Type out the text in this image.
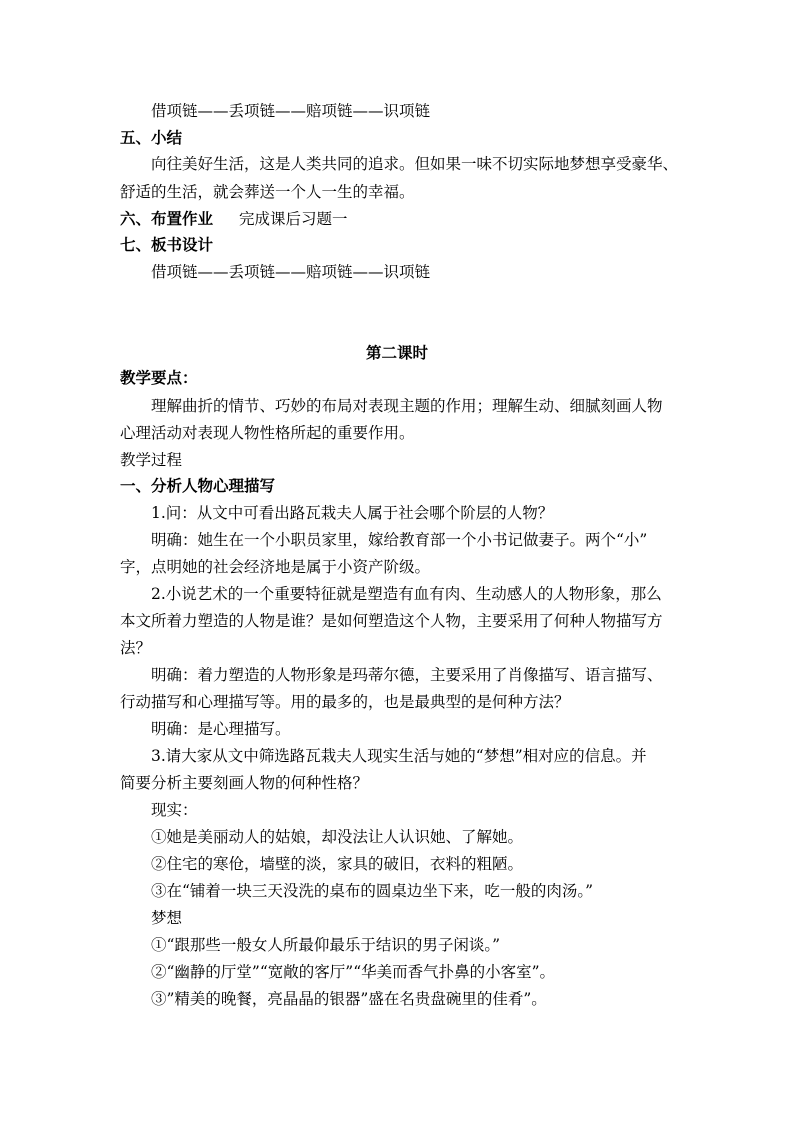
借项链——丢项链——赔项链——识项链
五、小结
向往美好生活，这是人类共同的追求。但如果一味不切实际地梦想享受豪华、
舒适的生活，就会葬送一个人一生的幸福。
六、布置作业 完成课后习题一
七、板书设计
借项链——丢项链——赔项链——识项链
第二课时
教学要点：
理解曲折的情节、巧妙的布局对表现主题的作用；理解生动、细腻刻画人物
心理活动对表现人物性格所起的重要作用。
教学过程
一、分析人物心理描写
1.问：从文中可看出路瓦栽夫人属于社会哪个阶层的人物？
明确：她生在一个小职员家里，嫁给教育部一个小书记做妻子。两个“小”
字，点明她的社会经济地是属于小资产阶级。
2.小说艺术的一个重要特征就是塑造有血有肉、生动感人的人物形象，那么
本文所着力塑造的人物是谁？是如何塑造这个人物，主要采用了何种人物描写方
法？
明确：着力塑造的人物形象是玛蒂尔德，主要采用了肖像描写、语言描写、
行动描写和心理描写等。用的最多的，也是最典型的是何种方法？
明确：是心理描写。
3.请大家从文中筛选路瓦栽夫人现实生活与她的“梦想”相对应的信息。并
简要分析主要刻画人物的何种性格？
现实：
①她是美丽动人的姑娘，却没法让人认识她、了解她。
②住宅的寒伧，墙壁的淡，家具的破旧，衣料的粗陋。
③在“铺着一块三天没洗的桌布的圆桌边坐下来，吃一般的肉汤。”
梦想
①“跟那些一般女人所最仰最乐于结识的男子闲谈。”
②“幽静的厅堂”“宽敞的客厅”“华美而香气扑鼻的小客室”。
③”精美的晚餐，亮晶晶的银器”盛在名贵盘碗里的佳肴”。
